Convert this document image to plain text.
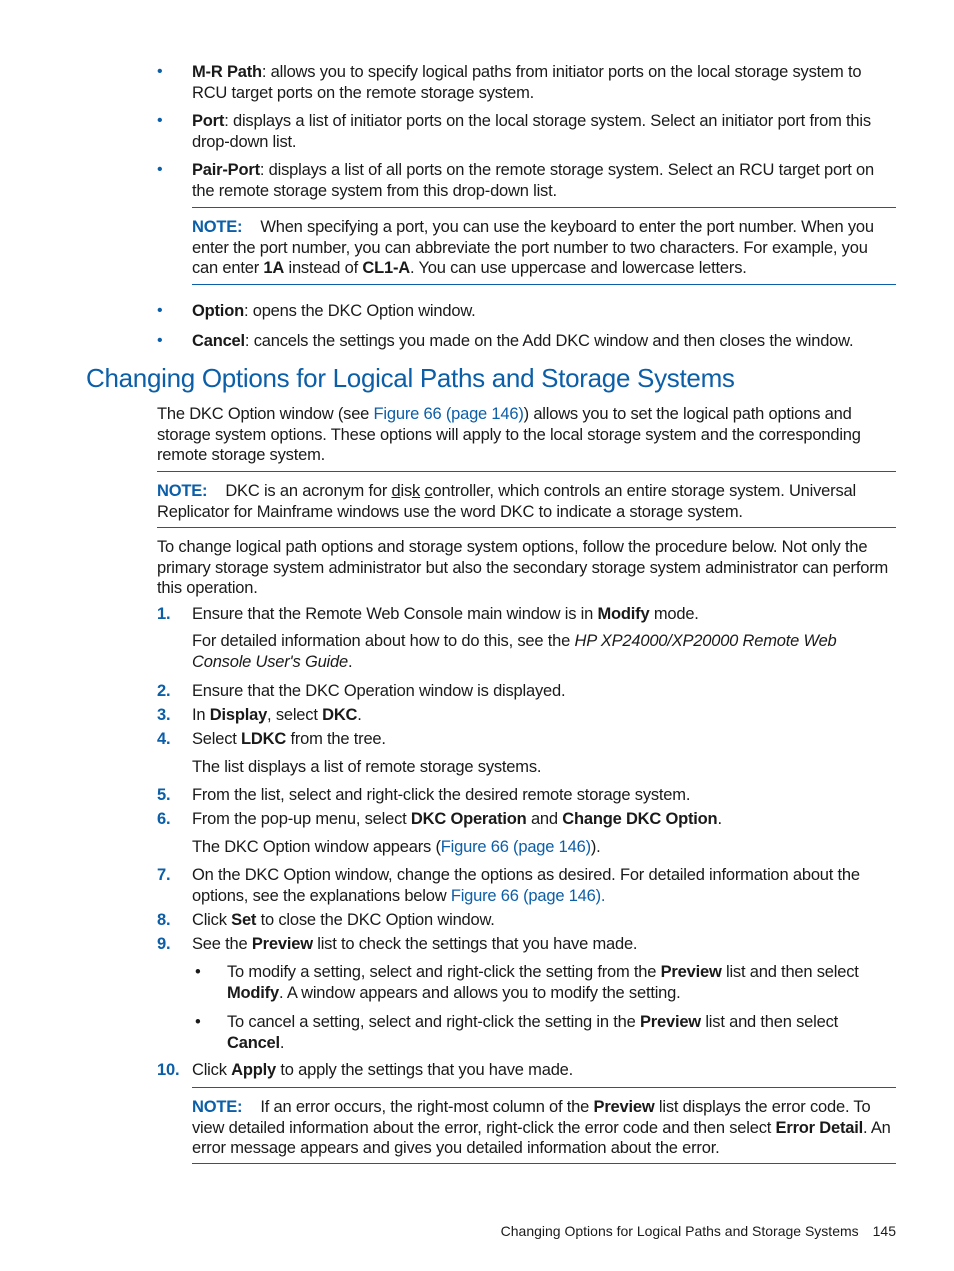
• M-R Path: allows you to specify logical paths from initiator ports on the local storage system to RCU target ports on the remote storage system.
• Port: displays a list of initiator ports on the local storage system. Select an initiator port from this drop-down list.
• Pair-Port: displays a list of all ports on the remote storage system. Select an RCU target port on the remote storage system from this drop-down list.
NOTE: When specifying a port, you can use the keyboard to enter the port number. When you enter the port number, you can abbreviate the port number to two characters. For example, you can enter 1A instead of CL1-A. You can use uppercase and lowercase letters.
• Option: opens the DKC Option window.
• Cancel: cancels the settings you made on the Add DKC window and then closes the window.
Changing Options for Logical Paths and Storage Systems
The DKC Option window (see Figure 66 (page 146)) allows you to set the logical path options and storage system options. These options will apply to the local storage system and the corresponding remote storage system.
NOTE: DKC is an acronym for disk controller, which controls an entire storage system. Universal Replicator for Mainframe windows use the word DKC to indicate a storage system.
To change logical path options and storage system options, follow the procedure below. Not only the primary storage system administrator but also the secondary storage system administrator can perform this operation.
1. Ensure that the Remote Web Console main window is in Modify mode.
For detailed information about how to do this, see the HP XP24000/XP20000 Remote Web Console User's Guide.
2. Ensure that the DKC Operation window is displayed.
3. In Display, select DKC.
4. Select LDKC from the tree.
The list displays a list of remote storage systems.
5. From the list, select and right-click the desired remote storage system.
6. From the pop-up menu, select DKC Operation and Change DKC Option.
The DKC Option window appears (Figure 66 (page 146)).
7. On the DKC Option window, change the options as desired. For detailed information about the options, see the explanations below Figure 66 (page 146).
8. Click Set to close the DKC Option window.
9. See the Preview list to check the settings that you have made.
• To modify a setting, select and right-click the setting from the Preview list and then select Modify. A window appears and allows you to modify the setting.
• To cancel a setting, select and right-click the setting in the Preview list and then select Cancel.
10. Click Apply to apply the settings that you have made.
NOTE: If an error occurs, the right-most column of the Preview list displays the error code. To view detailed information about the error, right-click the error code and then select Error Detail. An error message appears and gives you detailed information about the error.
Changing Options for Logical Paths and Storage Systems 145
